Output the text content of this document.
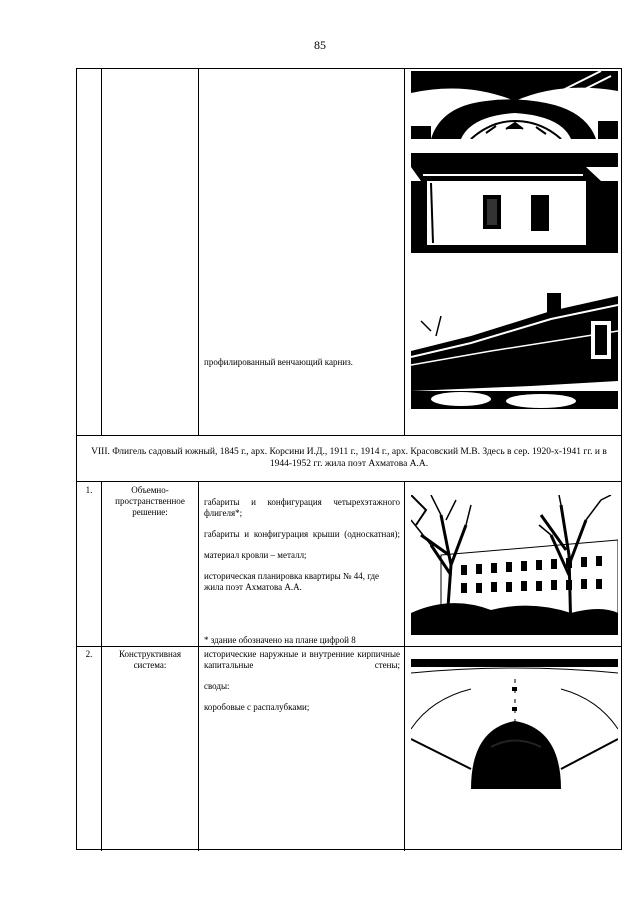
85
профилированный венчающий карниз.
VIII. Флигель садовый южный, 1845 г., арх. Корсини И.Д., 1911 г., 1914 г., арх. Красовский М.В. Здесь в сер. 1920-х-1941 гг. и в 1944-1952 гг. жила поэт Ахматова А.А.
1.	Объемно-пространственное решение:

габариты и конфигурация четырехэтажного флигеля*;

габариты и конфигурация крыши (односкатная);

материал кровли – металл;

историческая планировка квартиры № 44, где жила поэт Ахматова А.А.

* здание обозначено на плане цифрой 8
2.	Конструктивная система:

исторические наружные и внутренние кирпичные капитальные стены;

своды:

коробовые с распалубками;
